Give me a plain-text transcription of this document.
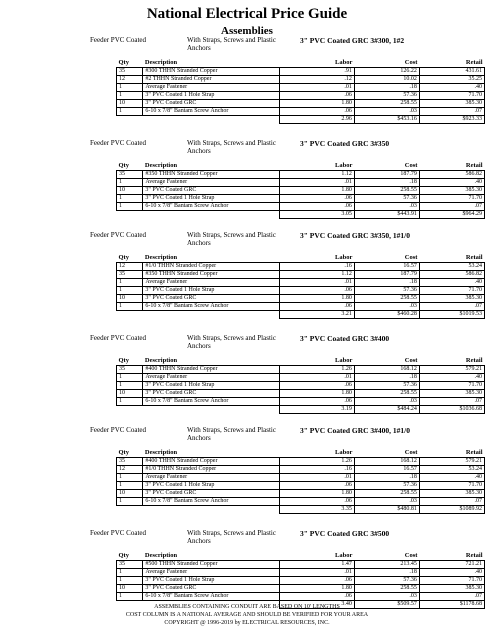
National Electrical Price Guide
Assemblies
Feeder PVC Coated	With Straps, Screws and Plastic Anchors
3" PVC Coated GRC 3#300, 1#2
Qty	Description	Labor	Cost	Retail
35	#300 THHN Stranded Copper	.91	126.22	431.61
12	#2 THHN Stranded Copper	.12	10.02	35.25
1	Average Fastener	.01	.18	.40
1	3" PVC Coated 1 Hole Strap	.06	57.36	71.70
10	3" PVC Coated GRC	1.80	258.55	385.30
1	6-10 x 7/8" Bantam Screw Anchor	.06	.03	.07
		2.96	$453.16	$923.33
Feeder PVC Coated	With Straps, Screws and Plastic Anchors
3" PVC Coated GRC 3#350
Qty	Description	Labor	Cost	Retail
35	#350 THHN Stranded Copper	1.12	187.79	586.82
1	Average Fastener	.01	.18	.40
10	3" PVC Coated GRC	1.80	258.55	385.30
1	3" PVC Coated 1 Hole Strap	.06	57.36	71.70
1	6-10 x 7/8" Bantam Screw Anchor	.06	.03	.07
		3.05	$443.91	$964.29
Feeder PVC Coated	With Straps, Screws and Plastic Anchors
3" PVC Coated GRC 3#350, 1#1/0
Qty	Description	Labor	Cost	Retail
12	#1/0 THHN Stranded Copper	.16	16.57	53.24
35	#350 THHN Stranded Copper	1.12	187.79	586.82
1	Average Fastener	.01	.18	.40
1	3" PVC Coated 1 Hole Strap	.06	57.36	71.70
10	3" PVC Coated GRC	1.80	258.55	385.30
1	6-10 x 7/8" Bantam Screw Anchor	.06	.03	.07
		3.21	$460.28	$1019.53
Feeder PVC Coated	With Straps, Screws and Plastic Anchors
3" PVC Coated GRC 3#400
Qty	Description	Labor	Cost	Retail
35	#400 THHN Stranded Copper	1.26	168.12	579.21
1	Average Fastener	.01	.18	.40
1	3" PVC Coated 1 Hole Strap	.06	57.36	71.70
10	3" PVC Coated GRC	1.80	258.55	385.30
1	6-10 x 7/8" Bantam Screw Anchor	.06	.03	.07
		3.19	$484.24	$1036.68
Feeder PVC Coated	With Straps, Screws and Plastic Anchors
3" PVC Coated GRC 3#400, 1#1/0
Qty	Description	Labor	Cost	Retail
35	#400 THHN Stranded Copper	1.26	168.12	579.21
12	#1/0 THHN Stranded Copper	.16	16.57	53.24
1	Average Fastener	.01	.18	.40
1	3" PVC Coated 1 Hole Strap	.06	57.36	71.70
10	3" PVC Coated GRC	1.80	258.55	385.30
1	6-10 x 7/8" Bantam Screw Anchor	.06	.03	.07
		3.35	$480.81	$1089.92
Feeder PVC Coated	With Straps, Screws and Plastic Anchors
3" PVC Coated GRC 3#500
Qty	Description	Labor	Cost	Retail
35	#500 THHN Stranded Copper	1.47	213.45	721.21
1	Average Fastener	.01	.18	.40
1	3" PVC Coated 1 Hole Strap	.06	57.36	71.70
10	3" PVC Coated GRC	1.80	258.55	385.30
1	6-10 x 7/8" Bantam Screw Anchor	.06	.03	.07
		3.40	$509.57	$1178.68
ASSEMBLIES CONTAINING CONDUIT ARE BASED ON 10' LENGTHS
COST COLUMN IS A NATIONAL AVERAGE AND SHOULD BE VERIFIED FOR YOUR AREA
COPYRIGHT @ 1996-2019 by ELECTRICAL RESOURCES, INC.
